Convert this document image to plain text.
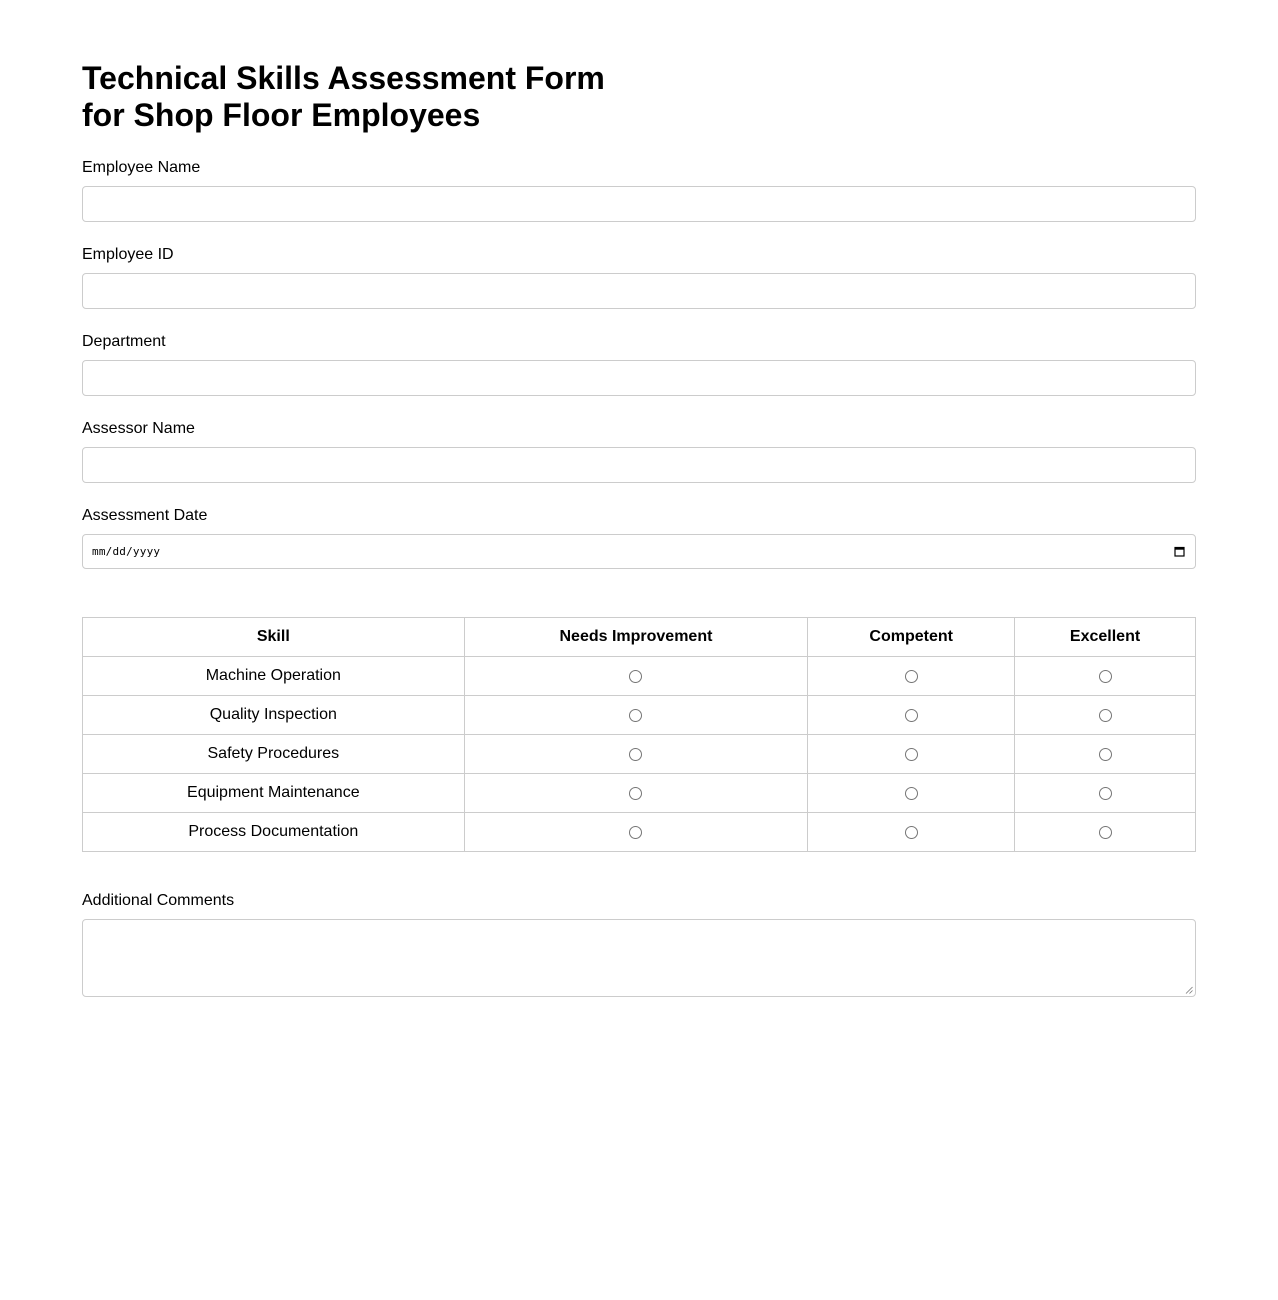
Technical Skills Assessment Form for Shop Floor Employees
Employee Name
Employee ID
Department
Assessor Name
Assessment Date
mm/dd/yyyy
Skill	Needs Improvement	Competent	Excellent
Machine Operation			
Quality Inspection			
Safety Procedures			
Equipment Maintenance			
Process Documentation			
Additional Comments
